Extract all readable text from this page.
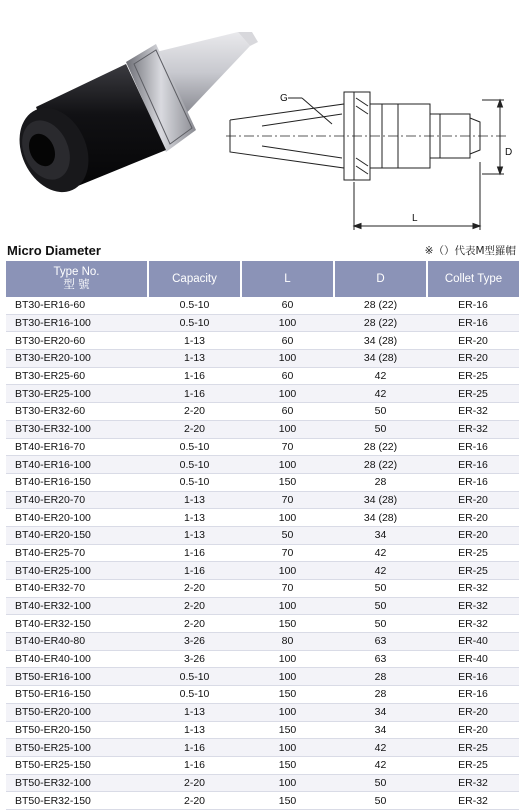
G
D
L
Micro Diameter	※（）代表M型羅帽
Type No.
型 號	Capacity	L	D	Collet Type
BT30-ER16-60	0.5-10	60	28 (22)	ER-16
BT30-ER16-100	0.5-10	100	28 (22)	ER-16
BT30-ER20-60	1-13	60	34 (28)	ER-20
BT30-ER20-100	1-13	100	34 (28)	ER-20
BT30-ER25-60	1-16	60	42	ER-25
BT30-ER25-100	1-16	100	42	ER-25
BT30-ER32-60	2-20	60	50	ER-32
BT30-ER32-100	2-20	100	50	ER-32
BT40-ER16-70	0.5-10	70	28 (22)	ER-16
BT40-ER16-100	0.5-10	100	28 (22)	ER-16
BT40-ER16-150	0.5-10	150	28	ER-16
BT40-ER20-70	1-13	70	34 (28)	ER-20
BT40-ER20-100	1-13	100	34 (28)	ER-20
BT40-ER20-150	1-13	50	34	ER-20
BT40-ER25-70	1-16	70	42	ER-25
BT40-ER25-100	1-16	100	42	ER-25
BT40-ER32-70	2-20	70	50	ER-32
BT40-ER32-100	2-20	100	50	ER-32
BT40-ER32-150	2-20	150	50	ER-32
BT40-ER40-80	3-26	80	63	ER-40
BT40-ER40-100	3-26	100	63	ER-40
BT50-ER16-100	0.5-10	100	28	ER-16
BT50-ER16-150	0.5-10	150	28	ER-16
BT50-ER20-100	1-13	100	34	ER-20
BT50-ER20-150	1-13	150	34	ER-20
BT50-ER25-100	1-16	100	42	ER-25
BT50-ER25-150	1-16	150	42	ER-25
BT50-ER32-100	2-20	100	50	ER-32
BT50-ER32-150	2-20	150	50	ER-32
